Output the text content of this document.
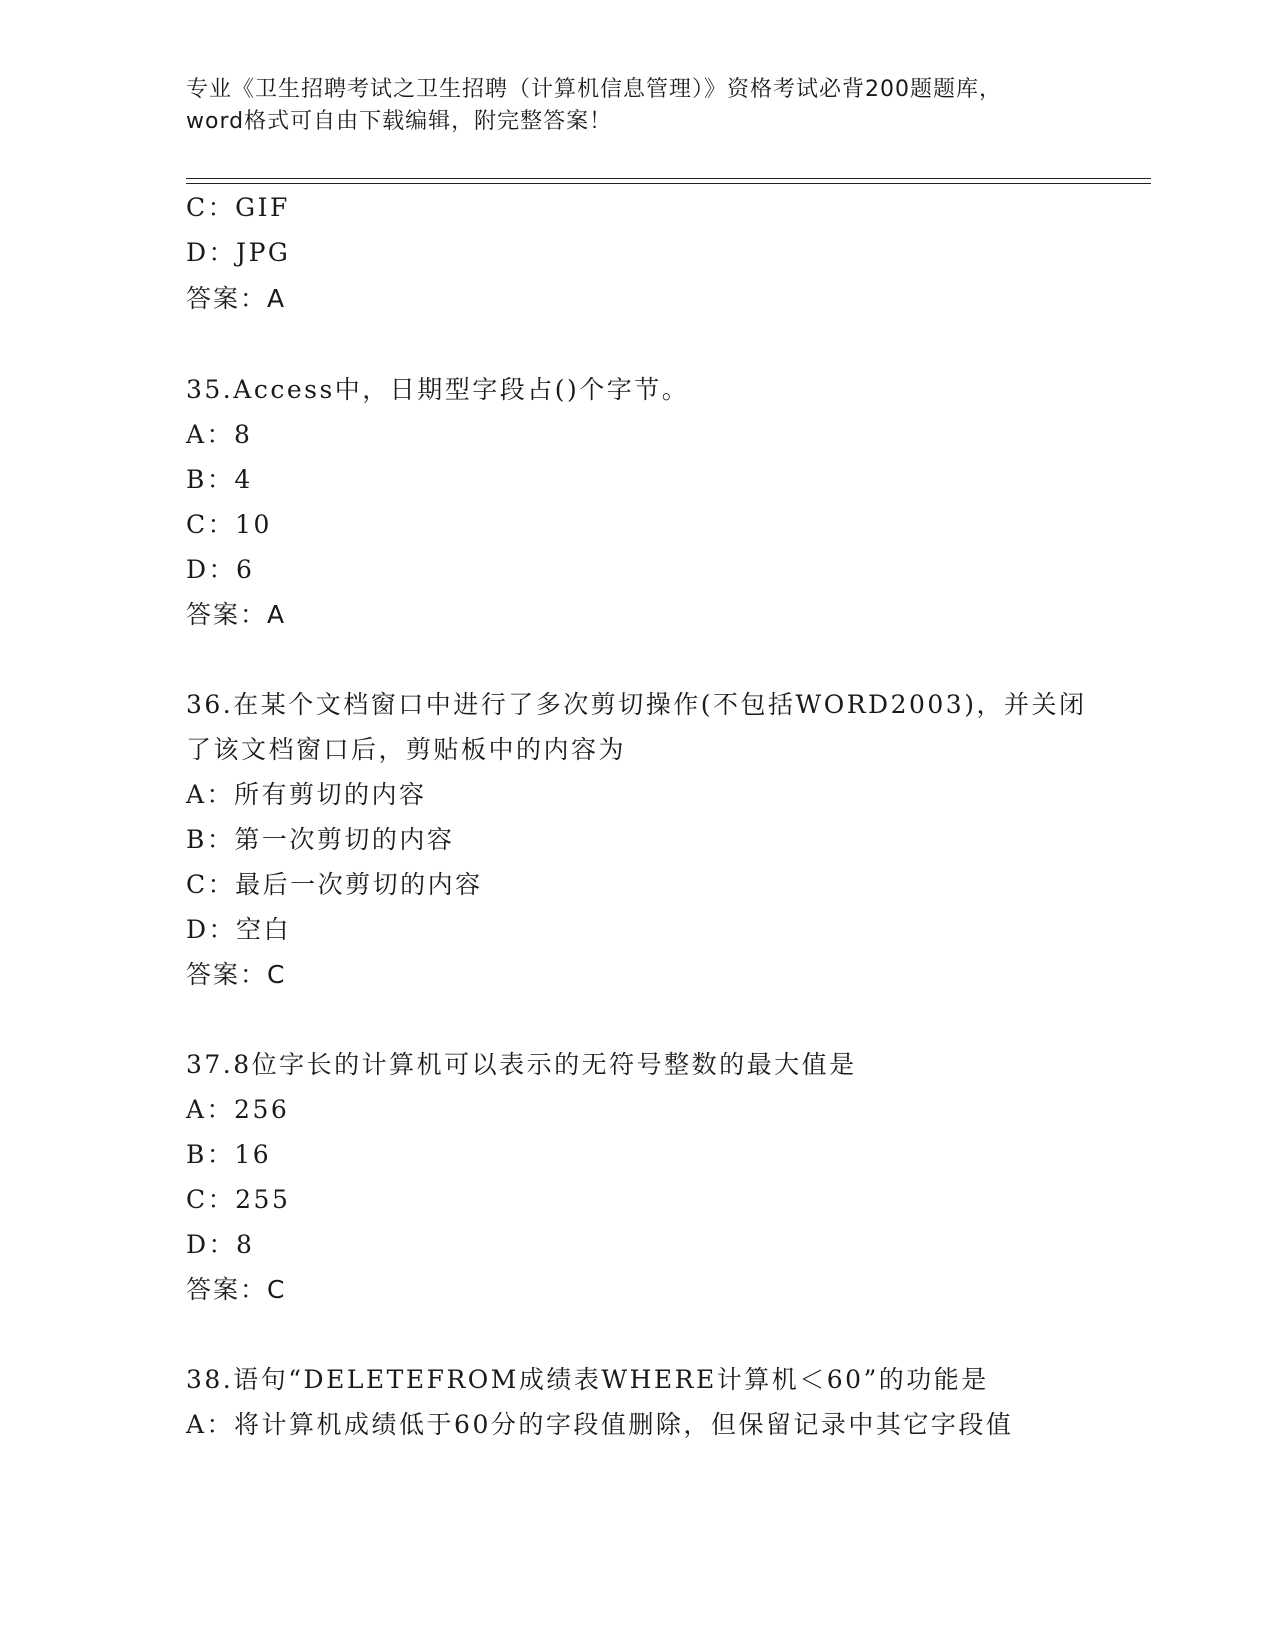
专业《卫生招聘考试之卫生招聘（计算机信息管理）》资格考试必背200题题库，
word格式可自由下载编辑，附完整答案！
C：GIF
D：JPG
答案：A
35.Access中，日期型字段占()个字节。
A：8
B：4
C：10
D：6
答案：A
36.在某个文档窗口中进行了多次剪切操作(不包括WORD2003)，并关闭
了该文档窗口后，剪贴板中的内容为
A：所有剪切的内容
B：第一次剪切的内容
C：最后一次剪切的内容
D：空白
答案：C
37.8位字长的计算机可以表示的无符号整数的最大值是
A：256
B：16
C：255
D：8
答案：C
38.语句“DELETEFROM成绩表WHERE计算机＜60”的功能是
A：将计算机成绩低于60分的字段值删除，但保留记录中其它字段值
